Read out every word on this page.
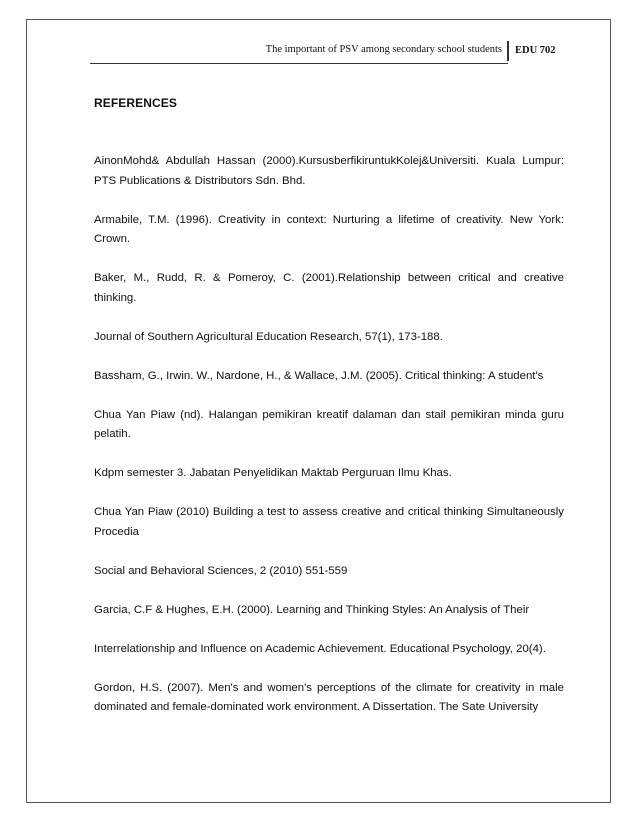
The important of PSV among secondary school students	EDU 702
REFERENCES

AinonMohd& Abdullah Hassan (2000).KursusberfikiruntukKolej&Universiti. Kuala Lumpur:
PTS Publications & Distributors Sdn. Bhd.

Armabile, T.M. (1996). Creativity in context: Nurturing a lifetime of creativity. New York:
Crown.

Baker, M., Rudd, R. & Pomeroy, C. (2001).Relationship between critical and creative
thinking.

Journal of Southern Agricultural Education Research, 57(1), 173-188.

Bassham, G., Irwin. W., Nardone, H., & Wallace, J.M. (2005). Critical thinking: A student's

Chua Yan Piaw (nd). Halangan pemikiran kreatif dalaman dan stail pemikiran minda guru
pelatih.

Kdpm semester 3. Jabatan Penyelidikan Maktab Perguruan Ilmu Khas.

Chua Yan Piaw (2010) Building a test to assess creative and critical thinking Simultaneously
Procedia

Social and Behavioral Sciences, 2 (2010) 551-559

Garcia, C.F & Hughes, E.H. (2000). Learning and Thinking Styles: An Analysis of Their

Interrelationship and Influence on Academic Achievement. Educational Psychology, 20(4).

Gordon, H.S. (2007). Men's and women's perceptions of the climate for creativity in male
dominated and female-dominated work environment. A Dissertation. The Sate University
